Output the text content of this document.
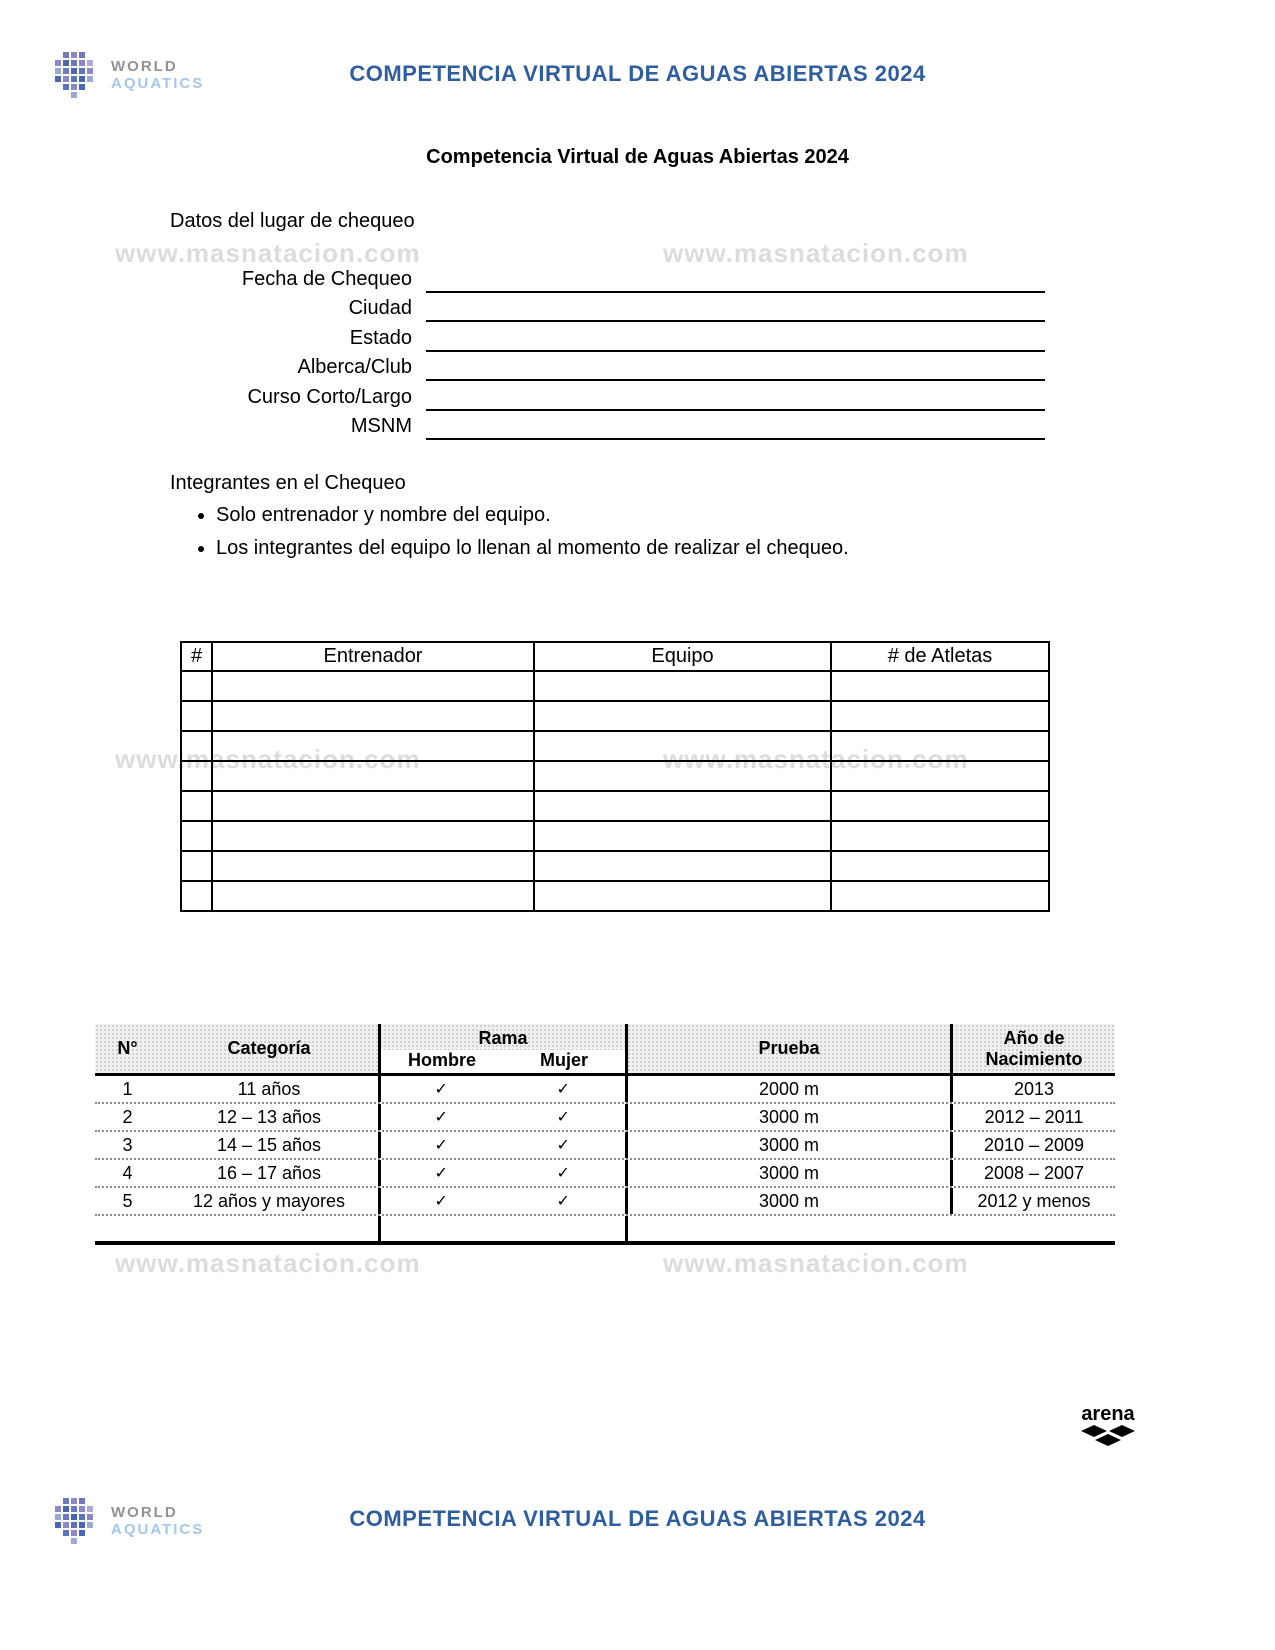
WORLD
AQUATICS	COMPETENCIA VIRTUAL DE AGUAS ABIERTAS 2024
Competencia Virtual de Aguas Abiertas 2024
www.masnatacion.com	www.masnatacion.com
www.masnatacion.com	www.masnatacion.com
www.masnatacion.com	www.masnatacion.com
Datos del lugar de chequeo
Fecha de Chequeo
Ciudad
Estado
Alberca/Club
Curso Corto/Largo
MSNM
Integrantes en el Chequeo
• Solo entrenador y nombre del equipo.
• Los integrantes del equipo lo llenan al momento de realizar el chequeo.
#	Entrenador	Equipo	# de Atletas

N°	Categoría
Rama
Hombre	Mujer
Prueba
Año de
Nacimiento
1	11 años	✓	✓	2000 m	2013
2	12 – 13 años	✓	✓	3000 m	2012 – 2011
3	14 – 15 años	✓	✓	3000 m	2010 – 2009
4	16 – 17 años	✓	✓	3000 m	2008 – 2007
5	12 años y mayores	✓	✓	3000 m	2012 y menos
arena
WORLD
AQUATICS	COMPETENCIA VIRTUAL DE AGUAS ABIERTAS 2024
